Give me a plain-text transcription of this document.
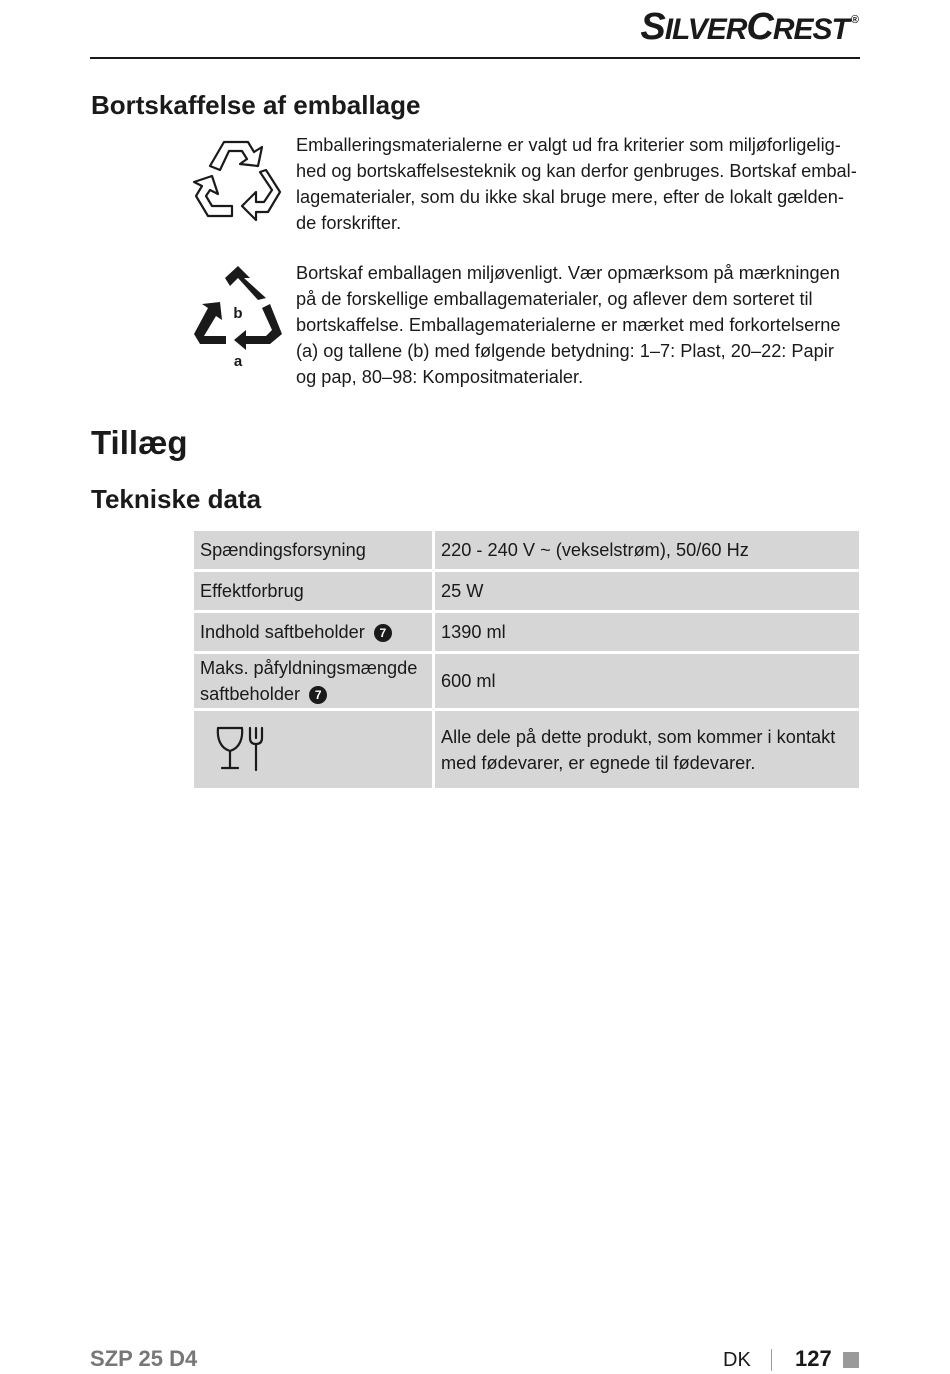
SILVERCREST ®
Bortskaffelse af emballage
Emballeringsmaterialerne er valgt ud fra kriterier som miljøforligelighed og bortskaffelsesteknik og kan derfor genbruges. Bortskaf emballagematerialer, som du ikke skal bruge mere, efter de lokalt gældende forskrifter.
b
a
Bortskaf emballagen miljøvenligt. Vær opmærksom på mærkningen på de forskellige emballagematerialer, og aflever dem sorteret til bortskaffelse. Emballagematerialerne er mærket med forkortelserne (a) og tallene (b) med følgende betydning: 1–7: Plast, 20–22: Papir og pap, 80–98: Kompositmaterialer.
Tillæg
Tekniske data
Spændingsforsyning	220 - 240 V ~ (vekselstrøm), 50/60 Hz
Effektforbrug	25 W
Indhold saftbeholder 7	1390 ml
Maks. påfyldningsmængde
saftbeholder 7	600 ml

	Alle dele på dette produkt, som kommer i kontakt med fødevarer, er egnede til fødevarer.
SZP 25 D4	DK 127
